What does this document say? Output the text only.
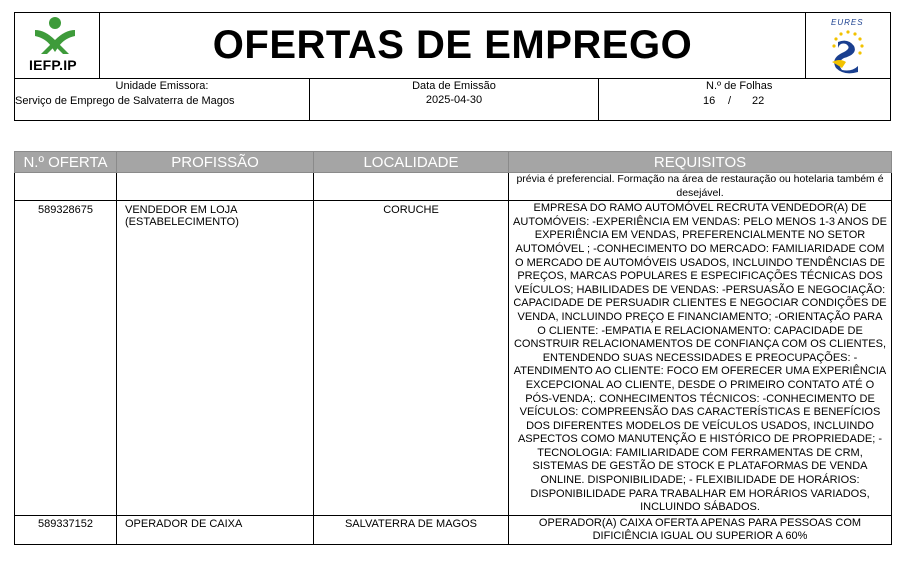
IEFP.IP	OFERTAS DE EMPREGO
EURES
Unidade Emissora:
Serviço de Emprego de Salvaterra de Magos
Data de Emissão
2025-04-30
N.º de Folhas
16 / 22
N.º OFERTA	PROFISSÃO	LOCALIDADE	REQUISITOS
			prévia é preferencial. Formação na área de restauração ou hotelaria também é desejável.
589328675	VENDEDOR EM LOJA (ESTABELECIMENTO)	CORUCHE	EMPRESA DO RAMO AUTOMÓVEL RECRUTA VENDEDOR(A) DE AUTOMÓVEIS: -EXPERIÊNCIA EM VENDAS: PELO MENOS 1-3 ANOS DE EXPERIÊNCIA EM VENDAS, PREFERENCIALMENTE NO SETOR AUTOMÓVEL ; -CONHECIMENTO DO MERCADO: FAMILIARIDADE COM O MERCADO DE AUTOMÓVEIS USADOS, INCLUINDO TENDÊNCIAS DE PREÇOS, MARCAS POPULARES E ESPECIFICAÇÕES TÉCNICAS DOS VEÍCULOS; HABILIDADES DE VENDAS: -PERSUASÃO E NEGOCIAÇÃO: CAPACIDADE DE PERSUADIR CLIENTES E NEGOCIAR CONDIÇÕES DE VENDA, INCLUINDO PREÇO E FINANCIAMENTO; -ORIENTAÇÃO PARA O CLIENTE: -EMPATIA E RELACIONAMENTO: CAPACIDADE DE CONSTRUIR RELACIONAMENTOS DE CONFIANÇA COM OS CLIENTES, ENTENDENDO SUAS NECESSIDADES E PREOCUPAÇÕES: -ATENDIMENTO AO CLIENTE: FOCO EM OFERECER UMA EXPERIÊNCIA EXCEPCIONAL AO CLIENTE, DESDE O PRIMEIRO CONTATO ATÉ O PÓS-VENDA;. CONHECIMENTOS TÉCNICOS: -CONHECIMENTO DE VEÍCULOS: COMPREENSÃO DAS CARACTERÍSTICAS E BENEFÍCIOS DOS DIFERENTES MODELOS DE VEÍCULOS USADOS, INCLUINDO ASPECTOS COMO MANUTENÇÃO E HISTÓRICO DE PROPRIEDADE; -TECNOLOGIA: FAMILIARIDADE COM FERRAMENTAS DE CRM, SISTEMAS DE GESTÃO DE STOCK E PLATAFORMAS DE VENDA ONLINE. DISPONIBILIDADE; - FLEXIBILIDADE DE HORÁRIOS: DISPONIBILIDADE PARA TRABALHAR EM HORÁRIOS VARIADOS, INCLUINDO SÁBADOS.
589337152	OPERADOR DE CAIXA	SALVATERRA DE MAGOS	OPERADOR(A) CAIXA OFERTA APENAS PARA PESSOAS COM DIFICIÊNCIA IGUAL OU SUPERIOR A 60%
